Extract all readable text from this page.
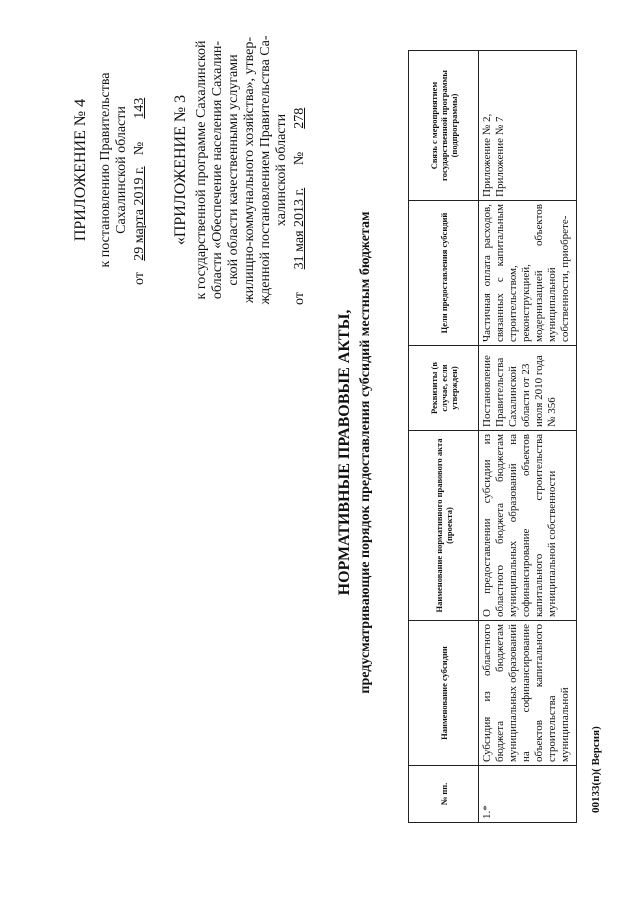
ПРИЛОЖЕНИЕ № 4 к постановлению Правительства Сахалинской области
от 29 марта 2019 г. № 143 «ПРИЛОЖЕНИЕ № 3 к государственной программе Сахалинской области «Обеспечение населения Сахалин- ской области качественными услугами жилищно-коммунального хозяйства», утвер- жденной постановлением Правительства Са- халинской области
от 31 мая 2013 г. № 278
НОРМАТИВНЫЕ ПРАВОВЫЕ АКТЫ, предусматривающие порядок предоставления субсидий местным бюджетам
№ пп.	Наименование субсидии	Наименование нормативного правового акта (проекта)	Реквизиты (в случае, если утвержден)	Цели предоставления субсидий	Связь с мероприятием государственной программы (подпрограммы)
1.*	Субсидия из областного бюджета бюджетам муниципальных образований на софинансирование объектов капитального строительства муниципальной	О предоставлении субсидии из областного бюджета бюджетам муниципальных образований на софинансирование объектов капитального строительства муниципальной собственности	Постановление Правительства Сахалинской области от 23 июля 2010 года № 356	Частичная оплата расходов, связанных с капитальным строительством, реконструкцией, модернизацией объектов муниципальной собственности, приобрете-	Приложение № 2, Приложение № 7
00133(п)( Версия)
